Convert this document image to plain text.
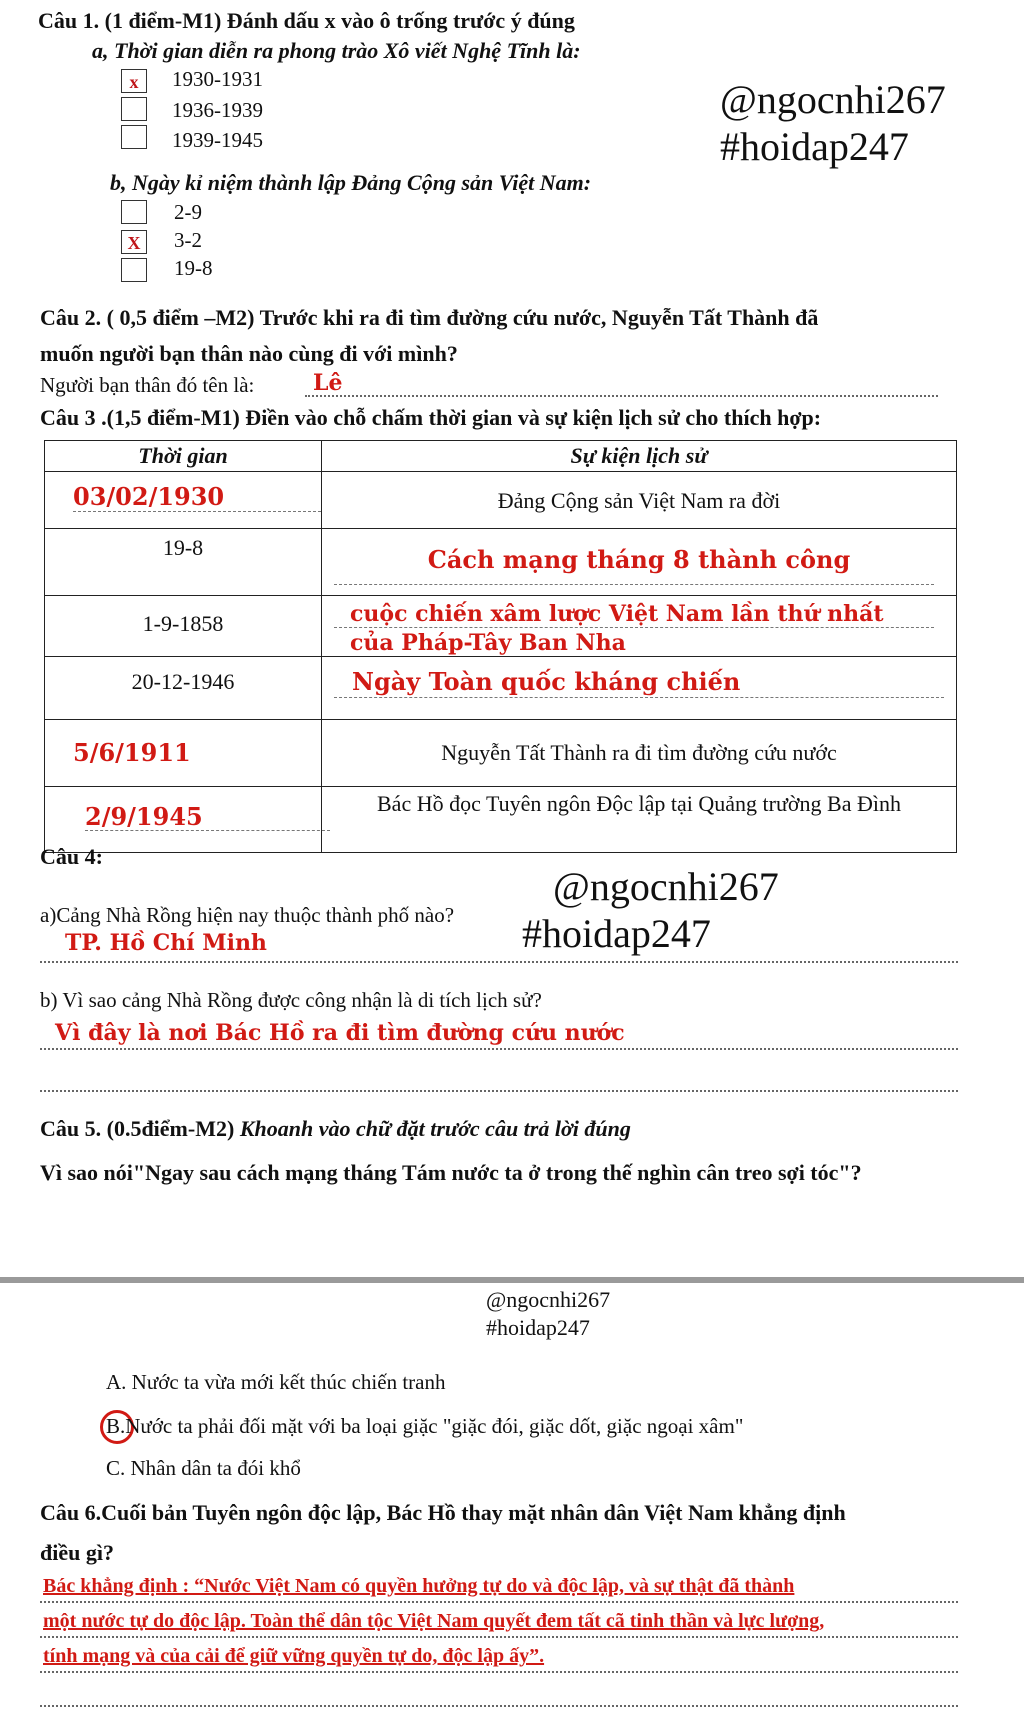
Câu 1. (1 điểm-M1) Đánh dấu x vào ô trống trước ý đúng
a, Thời gian diễn ra phong trào Xô viết Nghệ Tĩnh là:
x	1930-1931
1936-1939
1939-1945
@ngocnhi267
#hoidap247
b, Ngày kỉ niệm thành lập Đảng Cộng sản Việt Nam:
2-9
X	3-2
19-8
Câu 2. ( 0,5 điểm –M2) Trước khi ra đi tìm đường cứu nước, Nguyễn Tất Thành đã
muốn người bạn thân nào cùng đi với mình?
Người bạn thân đó tên là:	Lê
Câu 3 .(1,5 điểm-M1) Điền vào chỗ chấm thời gian và sự kiện lịch sử cho thích hợp:
Thời gian	Sự kiện lịch sử

03/02/1930	Đảng Cộng sản Việt Nam ra đời

19-8	Cách mạng tháng 8 thành công

1-9-1858	cuộc chiến xâm lược Việt Nam lần thứ nhất
của Pháp-Tây Ban Nha

20-12-1946	Ngày Toàn quốc kháng chiến

5/6/1911	Nguyễn Tất Thành ra đi tìm đường cứu nước

2/9/1945	Bác Hồ đọc Tuyên ngôn Độc lập tại Quảng trường Ba Đình
Câu 4:
@ngocnhi267
#hoidap247
a)Cảng Nhà Rồng hiện nay thuộc thành phố nào?
TP. Hồ Chí Minh
b) Vì sao cảng Nhà Rồng được công nhận là di tích lịch sử?
Vì đây là nơi Bác Hồ ra đi tìm đường cứu nước
Câu 5. (0.5điểm-M2) Khoanh vào chữ đặt trước câu trả lời đúng
Vì sao nói"Ngay sau cách mạng tháng Tám nước ta ở trong thế nghìn cân treo sợi tóc"?
@ngocnhi267
#hoidap247
A. Nước ta vừa mới kết thúc chiến tranh
B.Nước ta phải đối mặt với ba loại giặc "giặc đói, giặc dốt, giặc ngoại xâm"
C. Nhân dân ta đói khổ
Câu 6.Cuối bản Tuyên ngôn độc lập, Bác Hồ thay mặt nhân dân Việt Nam khẳng định
điều gì?
Bác khẳng định : “Nước Việt Nam có quyền hưởng tự do và độc lập, và sự thật đã thành
một nước tự do độc lập. Toàn thể dân tộc Việt Nam quyết đem tất cã tinh thần và lực lượng,
tính mạng và của cải để giữ vững quyền tự do, độc lập ấy”.
